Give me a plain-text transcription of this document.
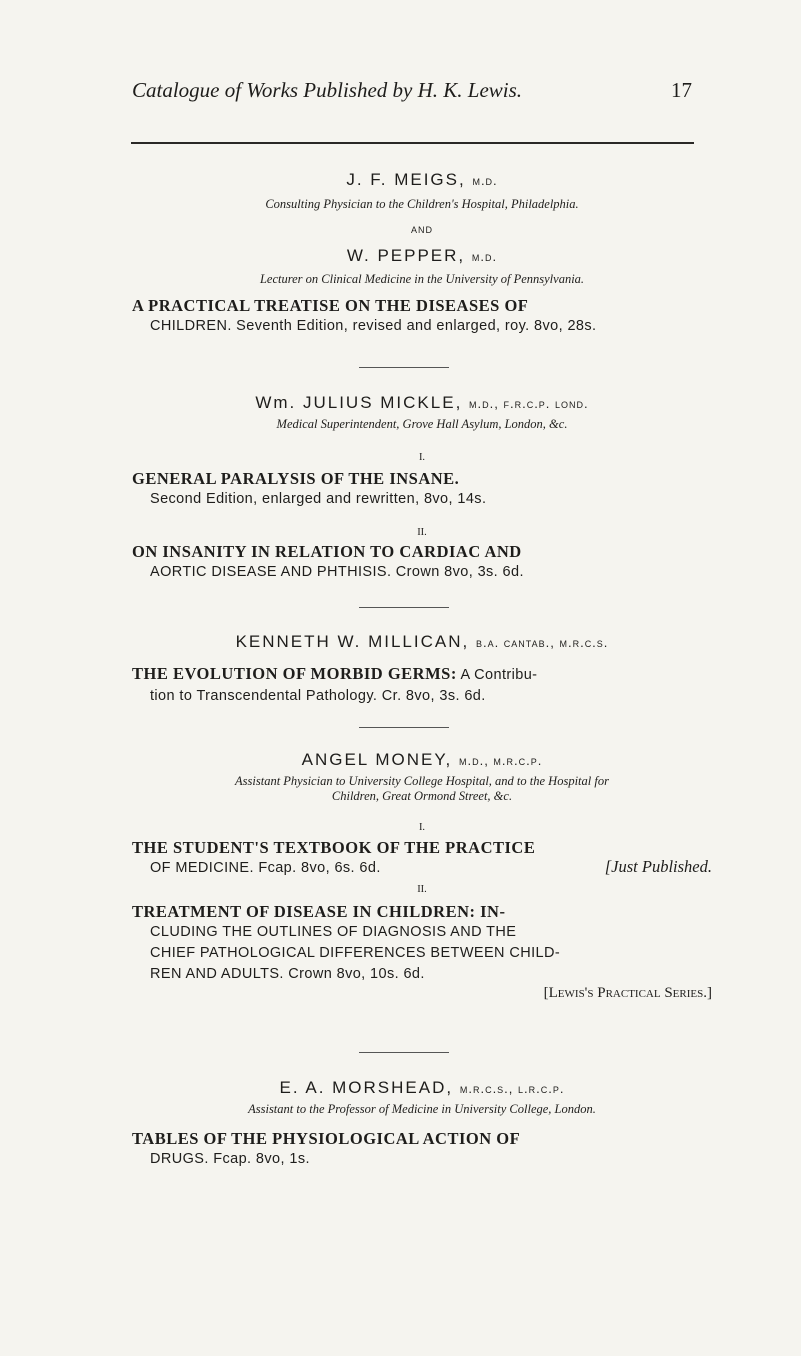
Catalogue of Works Published by H. K. Lewis.	17
J. F. MEIGS, m.d.
Consulting Physician to the Children's Hospital, Philadelphia.
AND
W. PEPPER, m.d.
Lecturer on Clinical Medicine in the University of Pennsylvania.
A PRACTICAL TREATISE ON THE DISEASES OF
CHILDREN. Seventh Edition, revised and enlarged, roy. 8vo, 28s.
Wm. JULIUS MICKLE, m.d., f.r.c.p. lond.
Medical Superintendent, Grove Hall Asylum, London, &c.
I.
GENERAL PARALYSIS OF THE INSANE.
Second Edition, enlarged and rewritten, 8vo, 14s.
II.
ON INSANITY IN RELATION TO CARDIAC AND
AORTIC DISEASE AND PHTHISIS. Crown 8vo, 3s. 6d.
KENNETH W. MILLICAN, b.a. cantab., m.r.c.s.
THE EVOLUTION OF MORBID GERMS: A Contribu-
tion to Transcendental Pathology. Cr. 8vo, 3s. 6d.
ANGEL MONEY, m.d., m.r.c.p.
Assistant Physician to University College Hospital, and to the Hospital for
Children, Great Ormond Street, &c.
I.
THE STUDENT'S TEXTBOOK OF THE PRACTICE
OF MEDICINE. Fcap. 8vo, 6s. 6d.	[Just Published.
II.
TREATMENT OF DISEASE IN CHILDREN: IN-
CLUDING THE OUTLINES OF DIAGNOSIS AND THE
CHIEF PATHOLOGICAL DIFFERENCES BETWEEN CHILD-
REN AND ADULTS. Crown 8vo, 10s. 6d.
[Lewis's Practical Series.]
E. A. MORSHEAD, m.r.c.s., l.r.c.p.
Assistant to the Professor of Medicine in University College, London.
TABLES OF THE PHYSIOLOGICAL ACTION OF
DRUGS. Fcap. 8vo, 1s.
